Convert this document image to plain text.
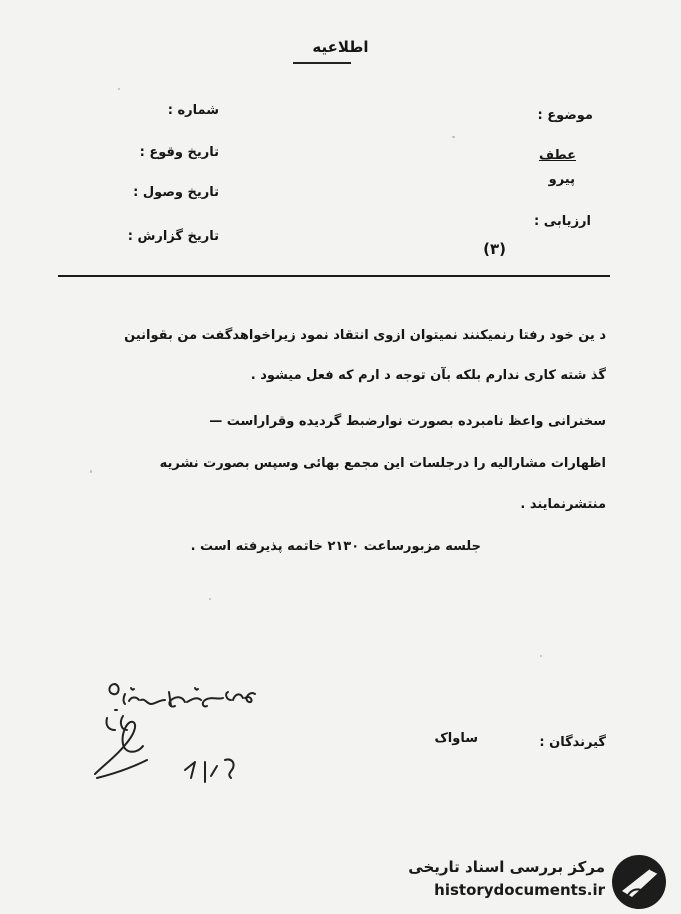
اطلاعیه
موضوع :
عطف
پیرو
ارزیابی :
شماره :
تاریخ وقوع :
تاریخ وصول :
تاریخ گزارش :
(۳)
د ین خود رفتا رنمیکنند نمیتوان ازوی انتقاد نمود زیراخواهدگفت من بقوانین
گذ شته کاری ندارم بلکه بآن توجه د ارم که فعل میشود .
سخنرانی واعظ نامبرده بصورت نوارضبط گردیده وقراراست —
اظهارات مشارالیه را درجلسات این مجمع بهائی وسپس بصورت نشریه
منتشرنمایند .
جلسه مزبورساعت ۲۱۳۰ خاتمه پذیرفته است .
گیرندگان :
ساواک
مرکز بررسی اسناد تاریخی
historydocuments.ir
